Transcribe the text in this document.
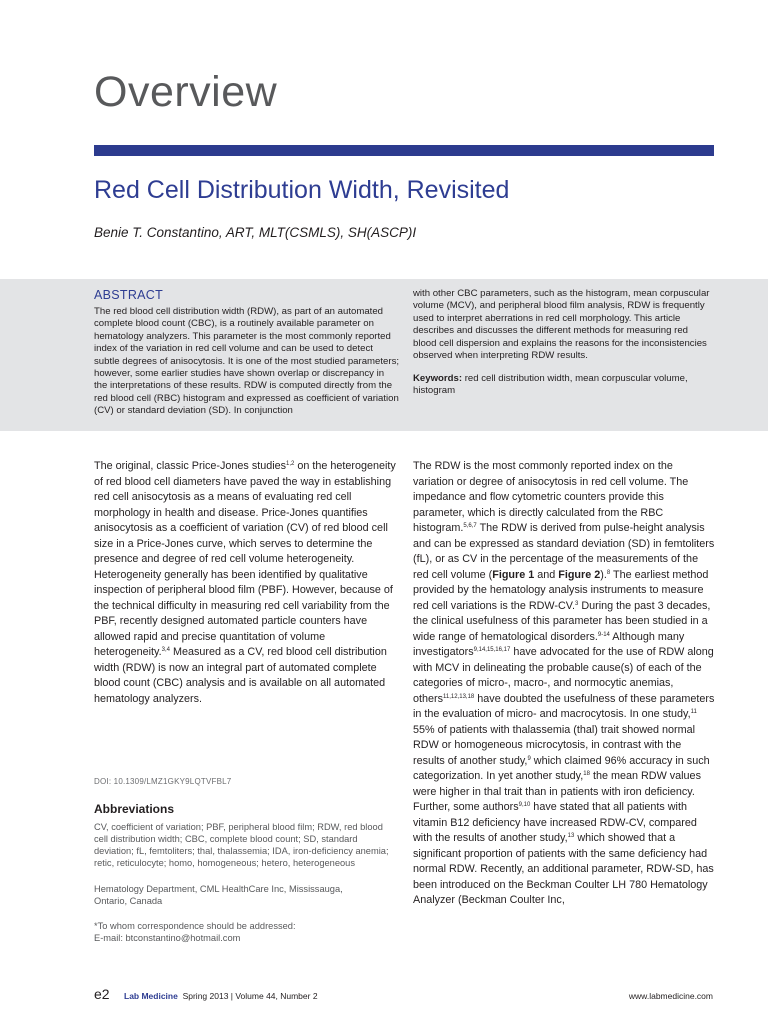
Overview
Red Cell Distribution Width, Revisited
Benie T. Constantino, ART, MLT(CSMLS), SH(ASCP)I
ABSTRACT
The red blood cell distribution width (RDW), as part of an automated complete blood count (CBC), is a routinely available parameter on hematology analyzers. This parameter is the most commonly reported index of the variation in red cell volume and can be used to detect subtle degrees of anisocytosis. It is one of the most studied parameters; however, some earlier studies have shown overlap or discrepancy in the interpretations of these results. RDW is computed directly from the red blood cell (RBC) histogram and expressed as coefficient of variation (CV) or standard deviation (SD). In conjunction
with other CBC parameters, such as the histogram, mean corpuscular volume (MCV), and peripheral blood film analysis, RDW is frequently used to interpret aberrations in red cell morphology. This article describes and discusses the different methods for measuring red blood cell dispersion and explains the reasons for the inconsistencies observed when interpreting RDW results.
Keywords: red cell distribution width, mean corpuscular volume, histogram
The original, classic Price-Jones studies$^{1,2}$ on the heterogeneity of red blood cell diameters have paved the way in establishing red cell anisocytosis as a means of evaluating red cell morphology in health and disease. Price-Jones quantifies anisocytosis as a coefficient of variation (CV) of red blood cell size in a Price-Jones curve, which serves to determine the presence and degree of red cell volume heterogeneity. Heterogeneity generally has been identified by qualitative inspection of peripheral blood film (PBF). However, because of the technical difficulty in measuring red cell variability from the PBF, recently designed automated particle counters have allowed rapid and precise quantitation of volume heterogeneity.$^{3,4}$ Measured as a CV, red blood cell distribution width (RDW) is now an integral part of automated complete blood count (CBC) analysis and is available on all automated hematology analyzers.
The RDW is the most commonly reported index on the variation or degree of anisocytosis in red cell volume. The impedance and flow cytometric counters provide this parameter, which is directly calculated from the RBC histogram.$^{5,6,7}$ The RDW is derived from pulse-height analysis and can be expressed as standard deviation (SD) in femtoliters (fL), or as CV in the percentage of the measurements of the red cell volume (Figure 1 and Figure 2).$^8$ The earliest method provided by the hematology analysis instruments to measure red cell variations is the RDW-CV.$^3$ During the past 3 decades, the clinical usefulness of this parameter has been studied in a wide range of hematological disorders.$^{9-14}$ Although many investigators$^{9,14,15,16,17}$ have advocated for the use of RDW along with MCV in delineating the probable cause(s) of each of the categories of micro-, macro-, and normocytic anemias, others$^{11,12,13,18}$ have doubted the usefulness of these parameters in the evaluation of micro- and macrocytosis. In one study,$^{11}$ 55% of patients with thalassemia (thal) trait showed normal RDW or homogeneous microcytosis, in contrast with the results of another study,$^9$ which claimed 96% accuracy in such categorization. In yet another study,$^{18}$ the mean RDW values were higher in thal trait than in patients with iron deficiency. Further, some authors$^{9,10}$ have stated that all patients with vitamin B12 deficiency have increased RDW-CV, compared with the results of another study,$^{13}$ which showed that a significant proportion of patients with the same deficiency had normal RDW. Recently, an additional parameter, RDW-SD, has been introduced on the Beckman Coulter LH 780 Hematology Analyzer (Beckman Coulter Inc,
DOI: 10.1309/LMZ1GKY9LQTVFBL7
Abbreviations
CV, coefficient of variation; PBF, peripheral blood film; RDW, red blood cell distribution width; CBC, complete blood count; SD, standard deviation; fL, femtoliters; thal, thalassemia; IDA, iron-deficiency anemia; retic, reticulocyte; homo, homogeneous; hetero, heterogeneous
Hematology Department, CML HealthCare Inc, Mississauga,
Ontario, Canada
*To whom correspondence should be addressed:
E-mail: btconstantino@hotmail.com
e2 Lab Medicine Spring 2013 | Volume 44, Number 2	www.labmedicine.com
